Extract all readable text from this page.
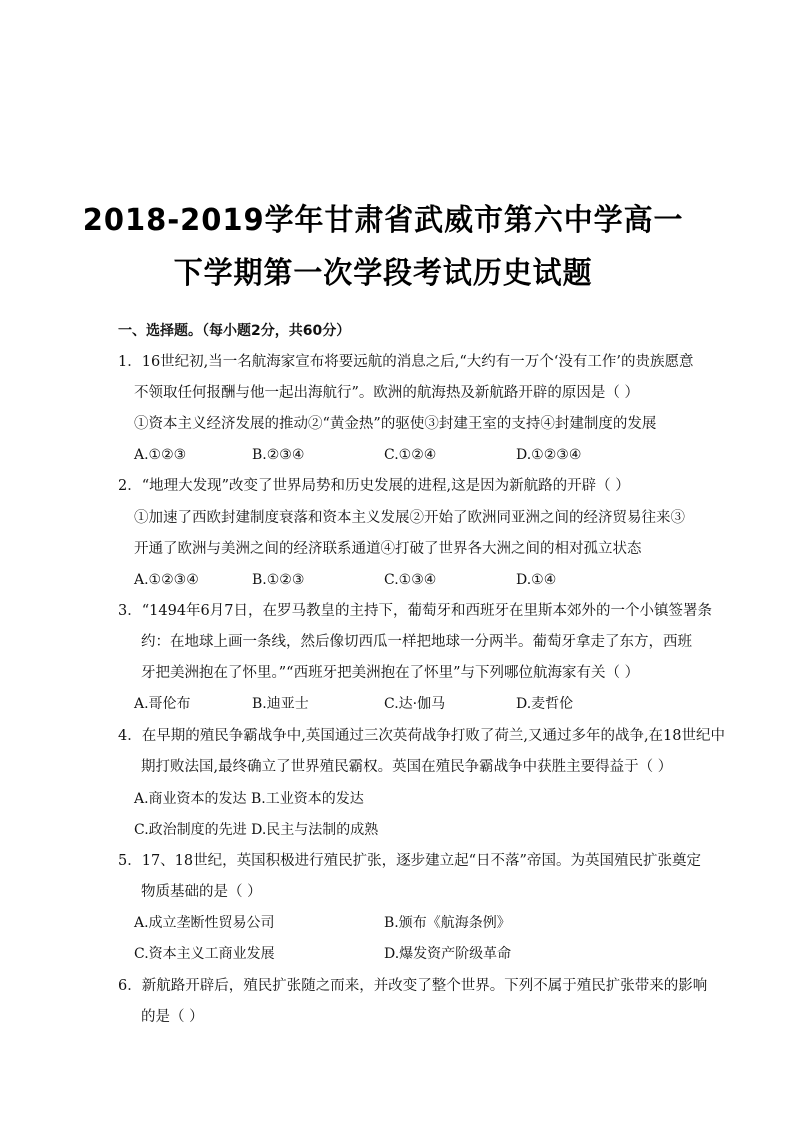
2018-2019学年甘肃省武威市第六中学高一
下学期第一次学段考试历史试题
一、选择题。（每小题2分，共60分）
1．16世纪初,当一名航海家宣布将要远航的消息之后,“大约有一万个‘没有工作’的贵族愿意
不领取任何报酬与他一起出海航行”。欧洲的航海热及新航路开辟的原因是（ ）
①资本主义经济发展的推动②“黄金热”的驱使③封建王室的支持④封建制度的发展
A.①②③	B.②③④	C.①②④	D.①②③④
2．“地理大发现”改变了世界局势和历史发展的进程,这是因为新航路的开辟（ ）
①加速了西欧封建制度衰落和资本主义发展②开始了欧洲同亚洲之间的经济贸易往来③
开通了欧洲与美洲之间的经济联系通道④打破了世界各大洲之间的相对孤立状态
A.①②③④	B.①②③	C.①③④	D.①④
3．“1494年6月7日，在罗马教皇的主持下，葡萄牙和西班牙在里斯本郊外的一个小镇签署条
约：在地球上画一条线，然后像切西瓜一样把地球一分两半。葡萄牙拿走了东方，西班
牙把美洲抱在了怀里。”“西班牙把美洲抱在了怀里”与下列哪位航海家有关（ ）
A.哥伦布	B.迪亚士	C.达·伽马	D.麦哲伦
4．在早期的殖民争霸战争中,英国通过三次英荷战争打败了荷兰,又通过多年的战争,在18世纪中
期打败法国,最终确立了世界殖民霸权。英国在殖民争霸战争中获胜主要得益于（ ）
A.商业资本的发达 B.工业资本的发达
C.政治制度的先进 D.民主与法制的成熟
5．17、18世纪，英国积极进行殖民扩张，逐步建立起“日不落”帝国。为英国殖民扩张奠定
物质基础的是（ ）
A.成立垄断性贸易公司	B.颁布《航海条例》
C.资本主义工商业发展	D.爆发资产阶级革命
6．新航路开辟后，殖民扩张随之而来，并改变了整个世界。下列不属于殖民扩张带来的影响
的是（ ）
